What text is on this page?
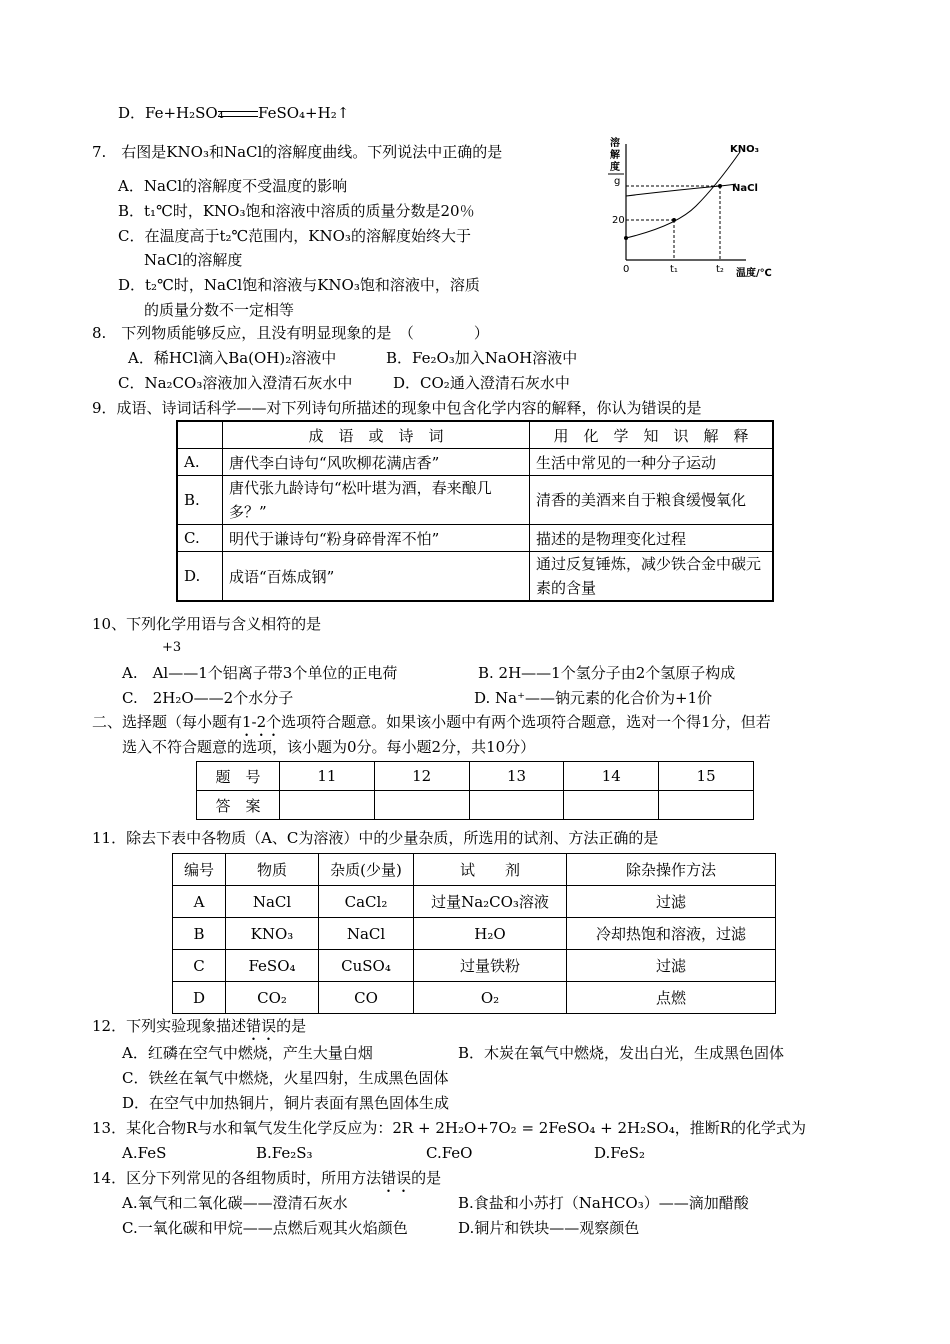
D．Fe+H₂SO₄ FeSO₄+H₂↑
7.　右图是KNO₃和NaCl的溶解度曲线。下列说法中正确的是
A．NaCl的溶解度不受温度的影响
B．t₁℃时，KNO₃饱和溶液中溶质的质量分数是20％
C．在温度高于t₂℃范围内，KNO₃的溶解度始终大于
NaCl的溶解度
D．t₂℃时，NaCl饱和溶液与KNO₃饱和溶液中，溶质
的质量分数不一定相等
溶
解
度
g
KNO₃
NaCl
20
0	t₁	t₂ 温度/℃
8.　下列物质能够反应，且没有明显现象的是　（　　　　）
A．稀HCl滴入Ba(OH)₂溶液中	B．Fe₂O₃加入NaOH溶液中
C．Na₂CO₃溶液加入澄清石灰水中	D．CO₂通入澄清石灰水中
9．成语、诗词话科学——对下列诗句所描述的现象中包含化学内容的解释，你认为错误的是
	成　语　或　诗　词	用　化　学　知　识　解　释
A.	唐代李白诗句“风吹柳花满店香”	生活中常见的一种分子运动
B.	唐代张九龄诗句“松叶堪为酒，春来酿几多？”	清香的美酒来自于粮食缓慢氧化
C.	明代于谦诗句“粉身碎骨浑不怕”	描述的是物理变化过程
D.	成语“百炼成钢”	通过反复锤炼，减少铁合金中碳元素的含量
10、下列化学用语与含义相符的是
+3
A.　Al——1个铝离子带3个单位的正电荷	B. 2H——1个氢分子由2个氢原子构成
C.　2H₂O——2个水分子	D. Na⁺——钠元素的化合价为+1价
二、选择题（每小题有1-2个选项符合题意。如果该小题中有两个选项符合题意，选对一个得1分，但若
选入不符合题意的选项，该小题为0分。每小题2分，共10分）
题　号	11	12	13	14	15
答　案					
11．除去下表中各物质（A、C为溶液）中的少量杂质，所选用的试剂、方法正确的是
编号	物质	杂质(少量)	试　　剂	除杂操作方法
A	NaCl	CaCl₂	过量Na₂CO₃溶液	过滤
B	KNO₃	NaCl	H₂O	冷却热饱和溶液，过滤
C	FeSO₄	CuSO₄	过量铁粉	过滤
D	CO₂	CO	O₂	点燃
12．下列实验现象描述错误的是
A．红磷在空气中燃烧，产生大量白烟	B．木炭在氧气中燃烧，发出白光，生成黑色固体
C．铁丝在氧气中燃烧，火星四射，生成黑色固体
D．在空气中加热铜片，铜片表面有黑色固体生成
13．某化合物R与水和氧气发生化学反应为：2R + 2H₂O+7O₂ = 2FeSO₄ + 2H₂SO₄，推断R的化学式为
A.FeS	B.Fe₂S₃	C.FeO	D.FeS₂
14．区分下列常见的各组物质时，所用方法错误的是
A.氧气和二氧化碳——澄清石灰水	B.食盐和小苏打（NaHCO₃）——滴加醋酸
C.一氧化碳和甲烷——点燃后观其火焰颜色	D.铜片和铁块——观察颜色
